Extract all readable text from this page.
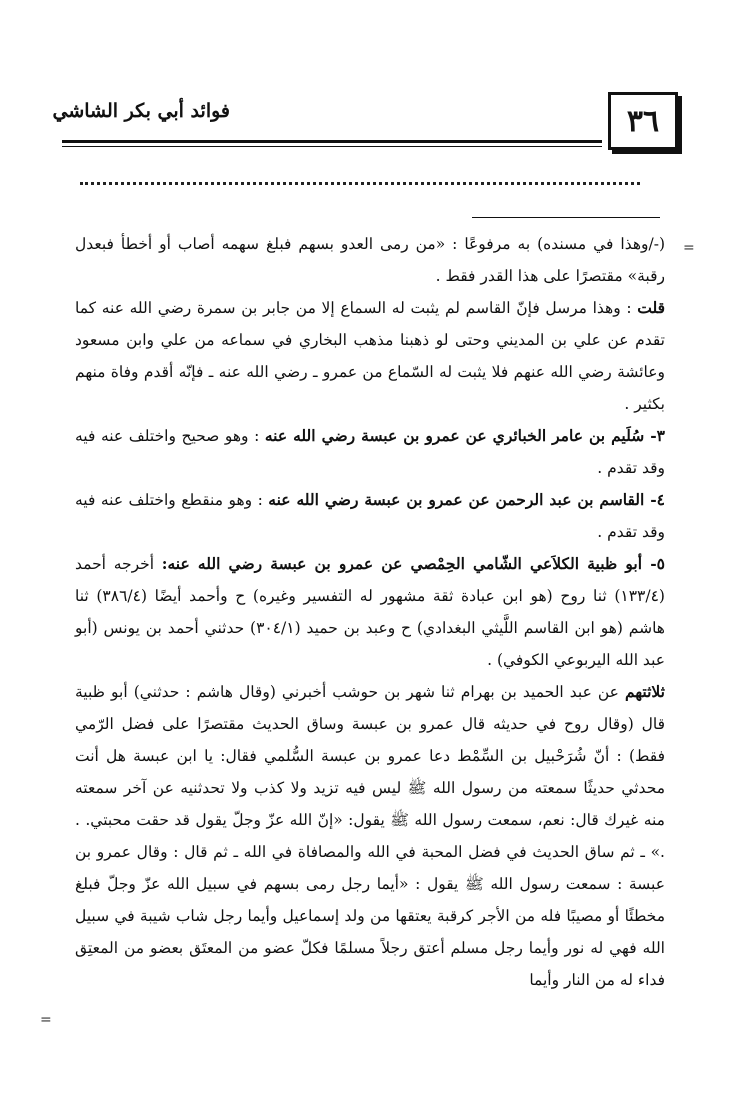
فوائد أبي بكر الشاشي	٣٦
=
=

(-/وهذا في مسنده) به مرفوعًا : «من رمى العدو بسهم فبلغ سهمه أصاب أو أخطأ فبعدل رقبة» مقتصرًا على هذا القدر فقط .

قلت : وهذا مرسل فإنّ القاسم لم يثبت له السماع إلا من جابر بن سمرة رضي الله عنه كما تقدم عن علي بن المديني وحتى لو ذهبنا مذهب البخاري في سماعه من علي وابن مسعود وعائشة رضي الله عنهم فلا يثبت له السّماع من عمرو ـ رضي الله عنه ـ فإنّه أقدم وفاة منهم بكثير .

٣- سُلَيم بن عامر الخبائري عن عمرو بن عبسة رضي الله عنه : وهو صحيح واختلف عنه فيه وقد تقدم .

٤- القاسم بن عبد الرحمن عن عمرو بن عبسة رضي الله عنه : وهو منقطع واختلف عنه فيه وقد تقدم .

٥- أبو ظبية الكلاَعي الشّامي الحِمْصي عن عمرو بن عبسة رضي الله عنه: أخرجه أحمد (١٣٣/٤) ثنا روح (هو ابن عبادة ثقة مشهور له التفسير وغيره) ح وأحمد أيضًا (٣٨٦/٤) ثنا هاشم (هو ابن القاسم اللَّيثي البغدادي) ح وعبد بن حميد (٣٠٤/١) حدثني أحمد بن يونس (أبو عبد الله اليربوعي الكوفي) .

ثلاثتهم عن عبد الحميد بن بهرام ثنا شهر بن حوشب أخبرني (وقال هاشم : حدثني) أبو ظبية قال (وقال روح في حديثه قال عمرو بن عبسة وساق الحديث مقتصرًا على فضل الرّمي فقط) : أنّ شُرَحْبيل بن السِّمْط دعا عمرو بن عبسة السُّلمي فقال: يا ابن عبسة هل أنت محدثي حديثًا سمعته من رسول الله ﷺ ليس فيه تزيد ولا كذب ولا تحدثنيه عن آخر سمعته منه غيرك قال: نعم، سمعت رسول الله ﷺ يقول: «إنّ الله عزّ وجلّ يقول قد حقت محبتي. . .» ـ ثم ساق الحديث في فضل المحبة في الله والمصافاة في الله ـ ثم قال : وقال عمرو بن عبسة : سمعت رسول الله ﷺ يقول : «أيما رجل رمى بسهم في سبيل الله عزّ وجلّ فبلغ مخطئًا أو مصيبًا فله من الأجر كرقبة يعتقها من ولد إسماعيل وأيما رجل شاب شيبة في سبيل الله فهي له نور وأيما رجل مسلم أعتق رجلاً مسلمًا فكلّ عضو من المعتَق بعضو من المعتِق فداء له من النار وأيما
